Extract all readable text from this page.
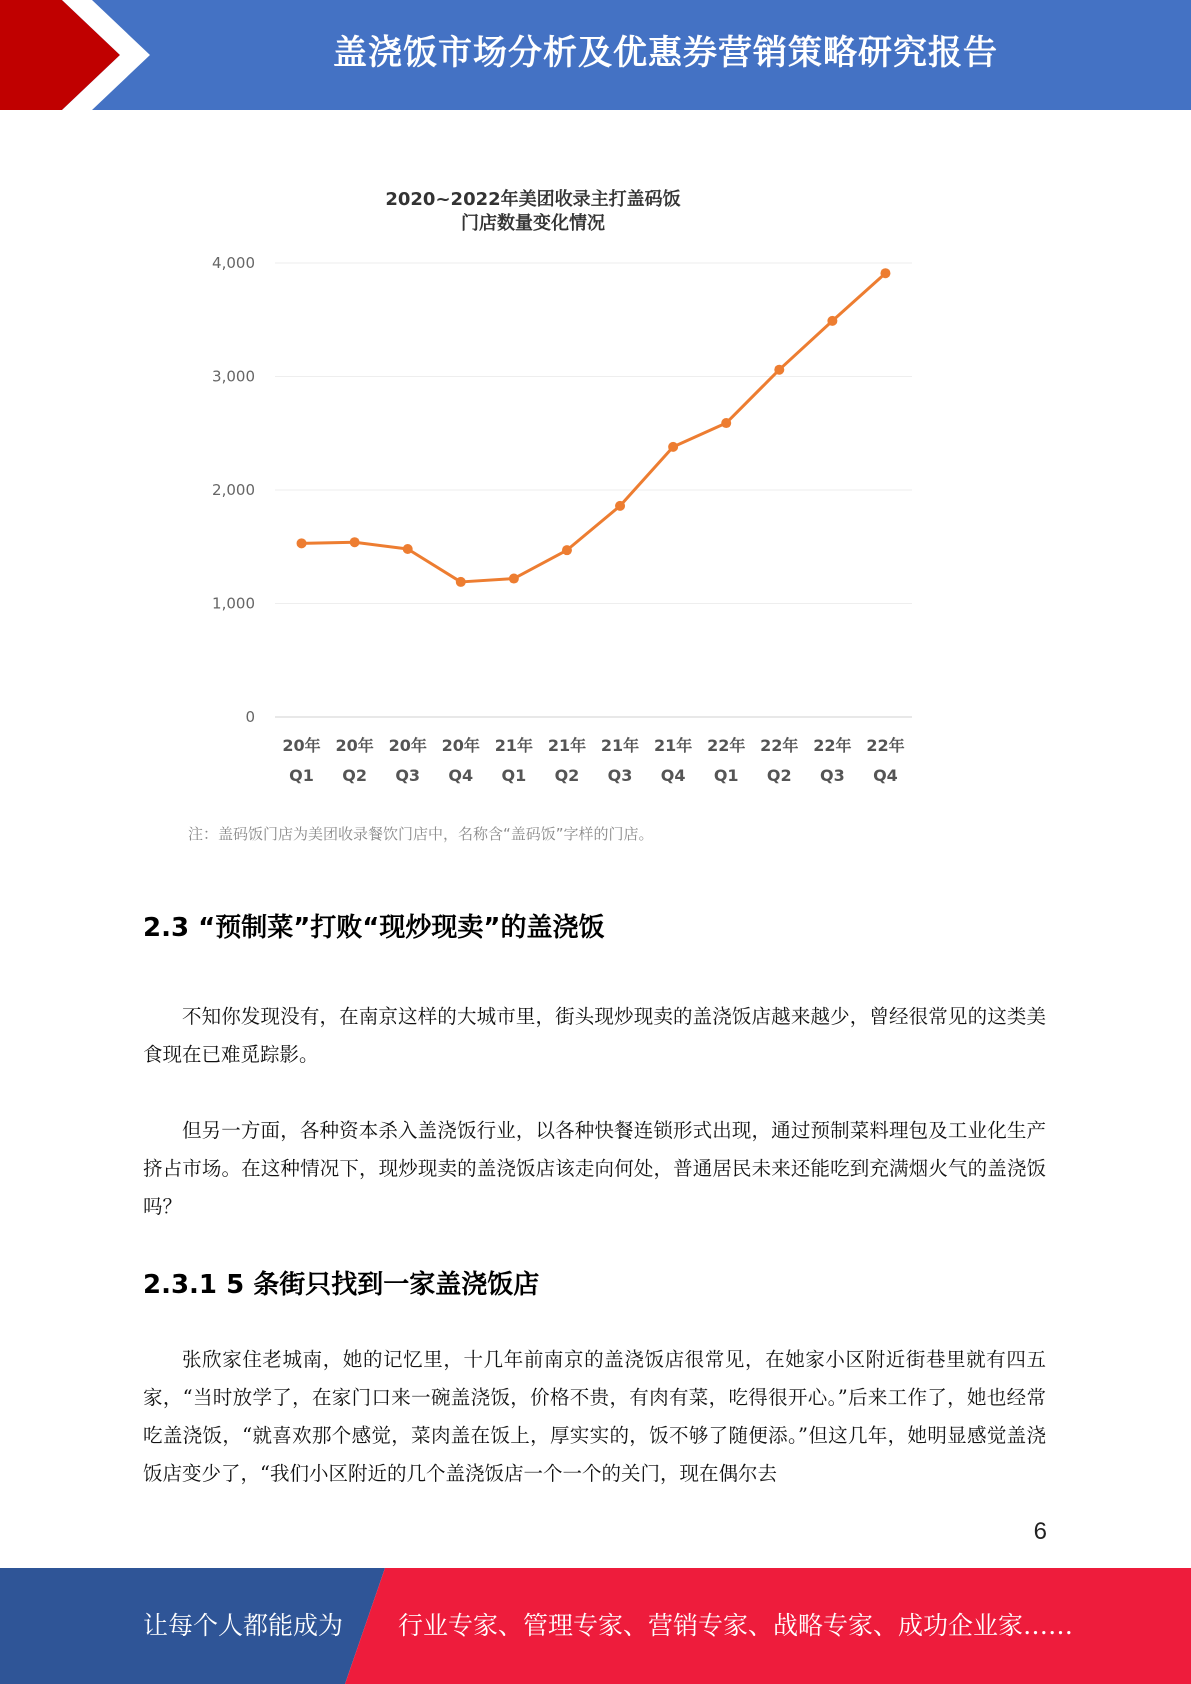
盖浇饭市场分析及优惠券营销策略研究报告
2020~2022年美团收录主打盖码饭
门店数量变化情况
0
1,000
2,000
3,000
4,000
20年
Q1
20年
Q2
20年
Q3
20年
Q4
21年
Q1
21年
Q2
21年
Q3
21年
Q4
22年
Q1
22年
Q2
22年
Q3
22年
Q4
注：盖码饭门店为美团收录餐饮门店中，名称含“盖码饭”字样的门店。
2.3 “预制菜”打败“现炒现卖”的盖浇饭
不知你发现没有，在南京这样的大城市里，街头现炒现卖的盖浇饭店越来越少，曾经很常见的这类美食现在已难觅踪影。
但另一方面，各种资本杀入盖浇饭行业，以各种快餐连锁形式出现，通过预制菜料理包及工业化生产挤占市场。在这种情况下，现炒现卖的盖浇饭店该走向何处，普通居民未来还能吃到充满烟火气的盖浇饭吗？
2.3.1 5 条街只找到一家盖浇饭店
张欣家住老城南，她的记忆里，十几年前南京的盖浇饭店很常见，在她家小区附近街巷里就有四五家，“当时放学了，在家门口来一碗盖浇饭，价格不贵，有肉有菜，吃得很开心。”后来工作了，她也经常吃盖浇饭，“就喜欢那个感觉，菜肉盖在饭上，厚实实的，饭不够了随便添。”但这几年，她明显感觉盖浇饭店变少了，“我们小区附近的几个盖浇饭店一个一个的关门，现在偶尔去
6
让每个人都能成为 行业专家、管理专家、营销专家、战略专家、成功企业家……
